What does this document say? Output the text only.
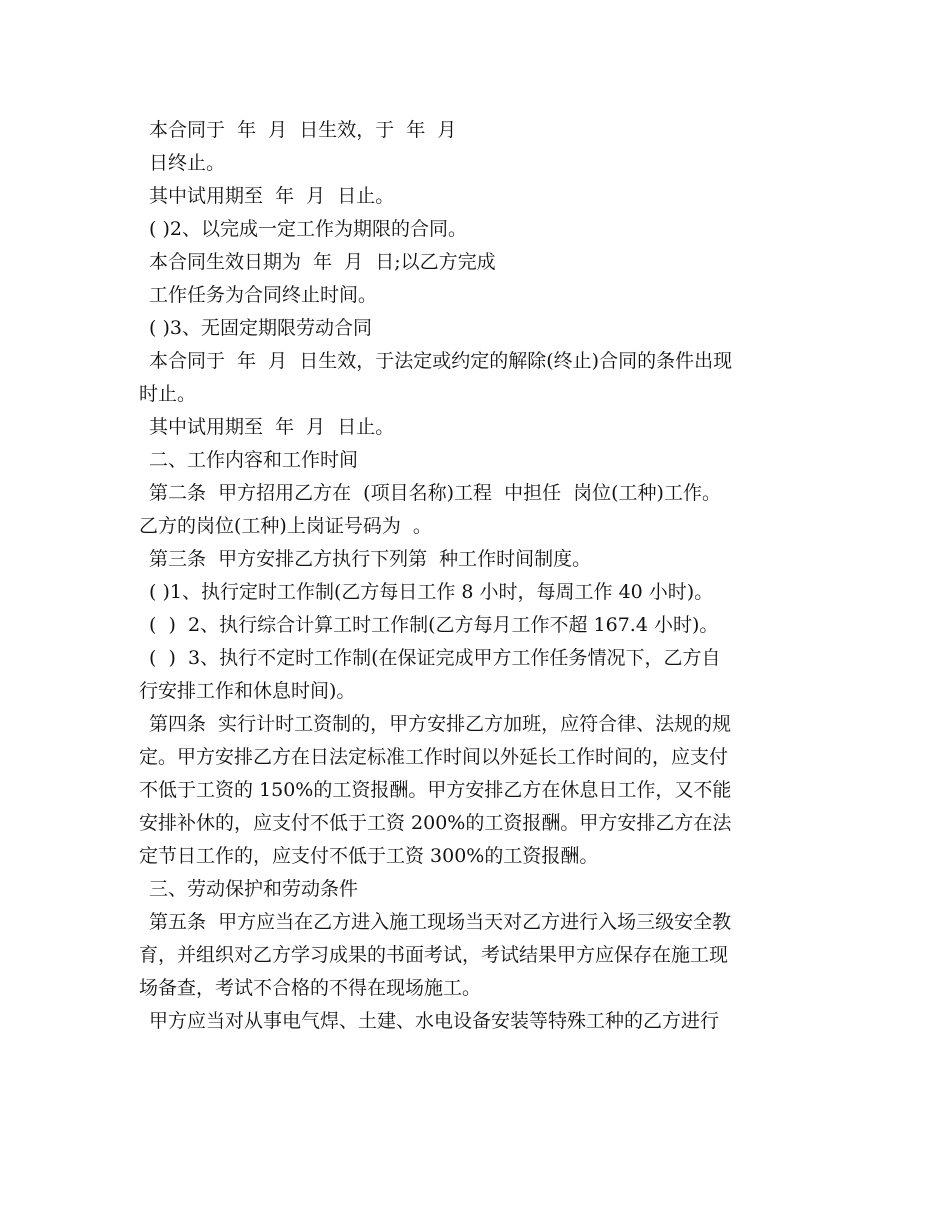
本合同于  年  月  日生效，于  年  月
日终止。
其中试用期至  年  月  日止。
( )2、以完成一定工作为期限的合同。
本合同生效日期为  年  月  日;以乙方完成
工作任务为合同终止时间。
( )3、无固定期限劳动合同
本合同于  年  月  日生效，于法定或约定的解除(终止)合同的条件出现
时止。
其中试用期至  年  月  日止。
二、工作内容和工作时间
第二条  甲方招用乙方在  (项目名称)工程  中担任  岗位(工种)工作。
乙方的岗位(工种)上岗证号码为  。
第三条  甲方安排乙方执行下列第  种工作时间制度。
( )1、执行定时工作制(乙方每日工作 8 小时，每周工作 40 小时)。
(  )  2、执行综合计算工时工作制(乙方每月工作不超 167.4 小时)。
(  )  3、执行不定时工作制(在保证完成甲方工作任务情况下，乙方自
行安排工作和休息时间)。
第四条  实行计时工资制的，甲方安排乙方加班，应符合律、法规的规
定。甲方安排乙方在日法定标准工作时间以外延长工作时间的，应支付
不低于工资的 150%的工资报酬。甲方安排乙方在休息日工作，又不能
安排补休的，应支付不低于工资 200%的工资报酬。甲方安排乙方在法
定节日工作的，应支付不低于工资 300%的工资报酬。
三、劳动保护和劳动条件
第五条  甲方应当在乙方进入施工现场当天对乙方进行入场三级安全教
育，并组织对乙方学习成果的书面考试，考试结果甲方应保存在施工现
场备查，考试不合格的不得在现场施工。
甲方应当对从事电气焊、土建、水电设备安装等特殊工种的乙方进行
